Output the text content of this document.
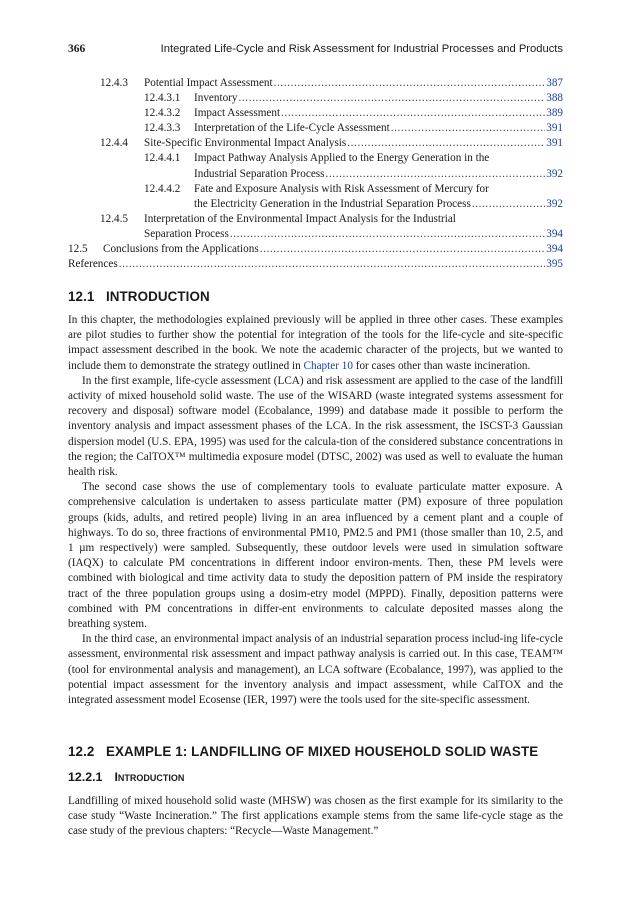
366	Integrated Life-Cycle and Risk Assessment for Industrial Processes and Products
12.4.3	Potential Impact Assessment .....	387
12.4.3.1	Inventory .....	388
12.4.3.2	Impact Assessment .....	389
12.4.3.3	Interpretation of the Life-Cycle Assessment .....	391
12.4.4	Site-Specific Environmental Impact Analysis .....	391
12.4.4.1	Impact Pathway Analysis Applied to the Energy Generation in the
Industrial Separation Process .....	392
12.4.4.2	Fate and Exposure Analysis with Risk Assessment of Mercury for
the Electricity Generation in the Industrial Separation Process .....	392
12.4.5	Interpretation of the Environmental Impact Analysis for the Industrial
Separation Process .....	394
12.5	Conclusions from the Applications .....	394
References .....	395
12.1 INTRODUCTION

In this chapter, the methodologies explained previously will be applied in three other cases. These examples are pilot studies to further show the potential for integration of the tools for the life-cycle and site-specific impact assessment described in the book. We note the academic character of the projects, but we wanted to include them to demonstrate the strategy outlined in Chapter 10 for cases other than waste incineration.

In the first example, life-cycle assessment (LCA) and risk assessment are applied to the case of the landfill activity of mixed household solid waste. The use of the WISARD (waste integrated systems assessment for recovery and disposal) software model (Ecobalance, 1999) and database made it possible to perform the inventory analysis and impact assessment phases of the LCA. In the risk assessment, the ISCST-3 Gaussian dispersion model (U.S. EPA, 1995) was used for the calcula-tion of the considered substance concentrations in the region; the CalTOX™ multimedia exposure model (DTSC, 2002) was used as well to evaluate the human health risk.

The second case shows the use of complementary tools to evaluate particulate matter exposure. A comprehensive calculation is undertaken to assess particulate matter (PM) exposure of three population groups (kids, adults, and retired people) living in an area influenced by a cement plant and a couple of highways. To do so, three fractions of environmental PM10, PM2.5 and PM1 (those smaller than 10, 2.5, and 1 µm respectively) were sampled. Subsequently, these outdoor levels were used in simulation software (IAQX) to calculate PM concentrations in different indoor environ-ments. Then, these PM levels were combined with biological and time activity data to study the deposition pattern of PM inside the respiratory tract of the three population groups using a dosim-etry model (MPPD). Finally, deposition patterns were combined with PM concentrations in differ-ent environments to calculate deposited masses along the breathing system.

In the third case, an environmental impact analysis of an industrial separation process includ-ing life-cycle assessment, environmental risk assessment and impact pathway analysis is carried out. In this case, TEAM™ (tool for environmental analysis and management), an LCA software (Ecobalance, 1997), was applied to the potential impact assessment for the inventory analysis and impact assessment, while CalTOX and the integrated assessment model Ecosense (IER, 1997) were the tools used for the site-specific assessment.

12.2 EXAMPLE 1: LANDFILLING OF MIXED HOUSEHOLD SOLID WASTE
12.2.1 Introduction

Landfilling of mixed household solid waste (MHSW) was chosen as the first example for its similarity to the case study “Waste Incineration.” The first applications example stems from the same life-cycle stage as the case study of the previous chapters: “Recycle—Waste Management.”
